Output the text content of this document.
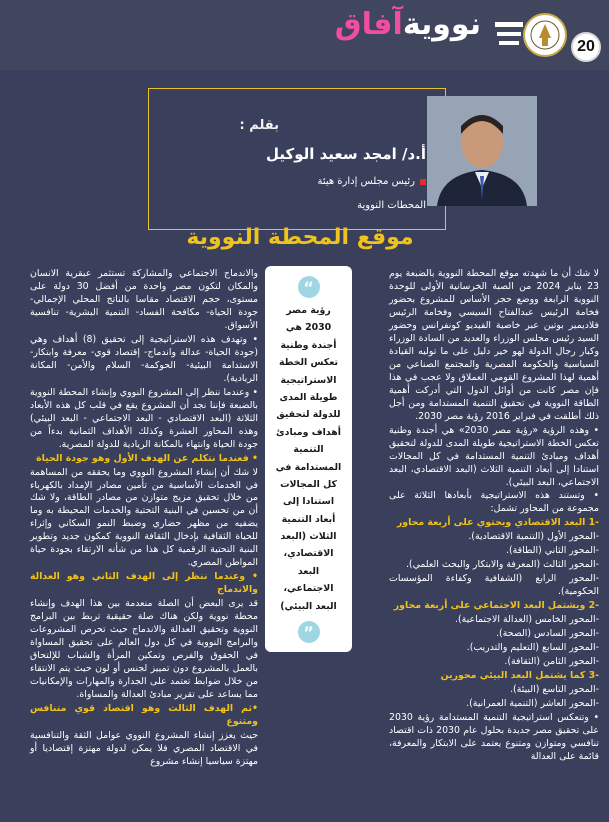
20
نوويةآفاق
بقلم :
أ.د/ امجد سعيد الوكيل
رئيس مجلس إدارة هيئة
المحطات النووية
موقع المحطة النووية

لا شك أن ما شهدته موقع المحطة النووية بالضبعة يوم 23 يناير 2024 من الصبة الخرسانية الأولى للوحدة النووية الرابعة ووضع حجر الأساس للمشروع بحضور فخامة الرئيس عبدالفتاح السيسي وفخامة الرئيس فلاديمير بوتين عبر خاصية الفيديو كونفرانس وحضور السيد رئيس مجلس الوزراء والعديد من السادة الوزراء وكبار رجال الدولة لهو خير دليل على ما توليه القيادة السياسية والحكومة المصرية والمجتمع الصناعي من أهمية لهذا المشروع القومي العملاق ولا عجب في هذا فإن مصر كانت من أوائل الدول التي أدركت أهمية الطاقة النووية في تحقيق التنمية المستدامة ومن أجل ذلك أطلقت في فبراير 2016 رؤية مصر 2030.

• وهذه الرؤية «رؤية مصر 2030» هي أجندة وطنية تعكس الخطة الاستراتيجية طويلة المدى للدولة لتحقيق أهداف ومبادئ التنمية المستدامة في كل المجالات استنادا إلى أبعاد التنمية الثلاث (البعد الاقتصادي، البعد الاجتماعي، البعد البيئي).

• وتستند هذه الاستراتيجية بأبعادها الثلاثة على مجموعة من المحاور تشمل:

-1 البعد الاقتصادي ويحتوي على أربعة محاور

-المحور الأول (التنمية الاقتصادية).

-المحور الثاني (الطاقة).

-المحور الثالث (المعرفة والابتكار والبحث العلمي).

-المحور الرابع (الشفافية وكفاءة المؤسسات الحكومية).

-2 ويشتمل البعد الاجتماعي على أربعة محاور

-المحور الخامس (العدالة الاجتماعية).

-المحور السادس (الصحة).

-المحور السابع (التعليم والتدريب).

-المحور الثامن (الثقافة).

-3 كما يشتمل البعد البيئي محورين

-المحور التاسع (البيئة).

-المحور العاشر (التنمية العمرانية).

• وتنعكس استراتيجية التنمية المستدامة رؤية 2030 على تحقيق مصر جديدة بحلول عام 2030 ذات اقتصاد تنافسي ومتوازن ومتنوع يعتمد على الابتكار والمعرفة، قائمة على العدالة

“
رؤية مصر 2030 هي أجندة وطنية تعكس الخطة الاستراتيجية طويلة المدى للدولة لتحقيق أهداف ومبادئ التنمية المستدامة في كل المجالات استنادا إلى أبعاد التنمية الثلاث (البعد الاقتصادي، البعد الاجتماعي، البعد البيئي)
”

والاندماج الاجتماعي والمشاركة تستثمر عبقرية الانسان والمكان لتكون مصر واحدة من أفضل 30 دولة على مستوى، حجم الاقتصاد مقاسا بالناتج المحلي الإجمالي- جودة الحياة- مكافحة الفساد- التنمية البشرية- تنافسية الأسواق.

• وتهدف هذه الاستراتيجية إلى تحقيق (8) أهداف وهي (جودة الحياة- عدالة واندماج- إقتصاد قوي- معرفة وابتكار- الاستدامة البيئية- الحوكمة- السلام والأمن- المكانة الريادية).

• وعندما ننظر إلى المشروع النووي وإنشاء المحطة النووية بالضبعة فإننا نجد أن المشروع يقع في قلب كل هذه الأبعاد الثلاثة (البعد الاقتصادي - البعد الاجتماعي - البعد البيئي) وهذه المحاور العشرة وكذلك الأهداف الثمانية بدءاً من جودة الحياة وانتهاء بالمكانة الريادية للدولة المصرية.

• فعندما نتكلم عن الهدف الأول وهو جودة الحياة

لا شك أن إنشاء المشروع النووي وما يحققه من المساهمة في الخدمات الأساسية من تأمين مصادر الإمداد بالكهرباء من خلال تحقيق مزيج متوازن من مصادر الطاقة، ولا شك أن من تحسين في البنية التحتية والخدمات المحيطة به وما يضفيه من مظهر حضاري وضبط النمو السكاني وإثراء للحياة الثقافية بإدخال الثقافة النووية كمكون جديد وتطوير البنية التحتية الرقمية كل هذا من شأنه الارتقاء بجودة حياة المواطن المصري.

• وعندما ننظر إلى الهدف الثاني وهو العدالة والاندماج

قد يرى البعض أن الصلة منعدمة بين هذا الهدف وإنشاء محطة نووية ولكن هناك صلة حقيقية تربط بين البرامج النووية وتحقيق العدالة والاندماج حيث تحرص المشروعات والبرامج النووية في كل دول العالم على تحقيق المساواة في الحقوق والفرص وتمكين المرأة والشباب للإلتحاق بالعمل بالمشروع دون تمييز لجنس أو لون حيث يتم الانتقاء من خلال ضوابط تعتمد على الجدارة والمهارات والإمكانيات مما يساعد على تقرير مبادئ العدالة والمساواة.

•ثم الهدف الثالث وهو اقتصاد قوي متنافس ومتنوع

حيث يعزز إنشاء المشروع النووي عوامل الثقة والتنافسية في الاقتصاد المصري فلا يمكن لدولة مهتزة إقتصاديا أو مهتزة سياسيا إنشاء مشروع
